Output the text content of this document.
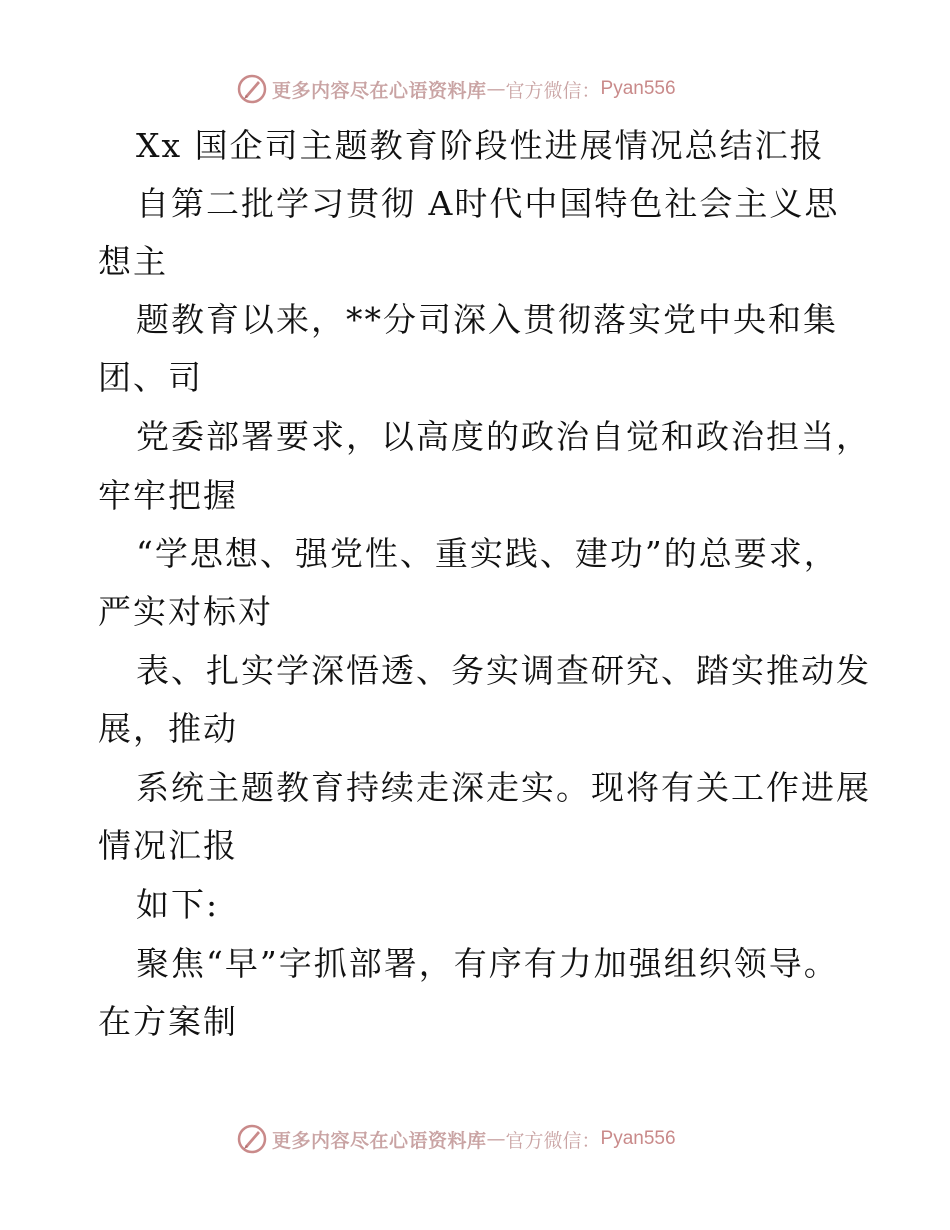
更多内容尽在心语资料库 — 官方微信： Pyan556
Xx 国企司主题教育阶段性进展情况总结汇报
自第二批学习贯彻 A时代中国特色社会主义思
想主
题教育以来，**分司深入贯彻落实党中央和集
团、司
党委部署要求，以高度的政治自觉和政治担当，
牢牢把握
“学思想、强党性、重实践、建功”的总要求，
严实对标对
表、扎实学深悟透、务实调查研究、踏实推动发
展，推动
系统主题教育持续走深走实。现将有关工作进展
情况汇报
如下:
聚焦“早”字抓部署，有序有力加强组织领导。
在方案制
更多内容尽在心语资料库 — 官方微信： Pyan556
